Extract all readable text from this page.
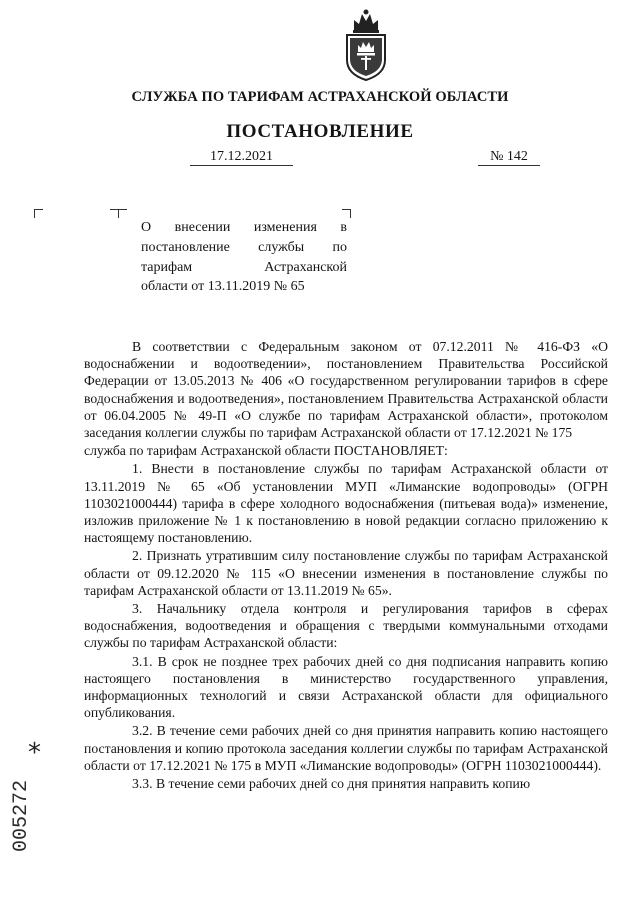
СЛУЖБА ПО ТАРИФАМ АСТРАХАНСКОЙ ОБЛАСТИ
ПОСТАНОВЛЕНИЕ
17.12.2021	№ 142
О внесении изменения в
постановление службы по
тарифам Астраханской
области от 13.11.2019 № 65

В соответствии с Федеральным законом от 07.12.2011 № 416-ФЗ «О водоснабжении и водоотведении», постановлением Правительства Российской Федерации от 13.05.2013 № 406 «О государственном регулировании тарифов в сфере водоснабжения и водоотведения», постановлением Правительства Астраханской области от 06.04.2005 № 49-П «О службе по тарифам Астраханской области», протоколом заседания коллегии службы по тарифам Астраханской области от 17.12.2021 № 175

служба по тарифам Астраханской области ПОСТАНОВЛЯЕТ:

1. Внести в постановление службы по тарифам Астраханской области от 13.11.2019 № 65 «Об установлении МУП «Лиманские водопроводы» (ОГРН 1103021000444) тарифа в сфере холодного водоснабжения (питьевая вода)» изменение, изложив приложение № 1 к постановлению в новой редакции согласно приложению к настоящему постановлению.

2. Признать утратившим силу постановление службы по тарифам Астраханской области от 09.12.2020 № 115 «О внесении изменения в постановление службы по тарифам Астраханской области от 13.11.2019 № 65».

3. Начальнику отдела контроля и регулирования тарифов в сферах водоснабжения, водоотведения и обращения с твердыми коммунальными отходами службы по тарифам Астраханской области:

3.1. В срок не позднее трех рабочих дней со дня подписания направить копию настоящего постановления в министерство государственного управления, информационных технологий и связи Астраханской области для официального опубликования.

3.2. В течение семи рабочих дней со дня принятия направить копию настоящего постановления и копию протокола заседания коллегии службы по тарифам Астраханской области от 17.12.2021 № 175 в МУП «Лиманские водопроводы» (ОГРН 1103021000444).

3.3. В течение семи рабочих дней со дня принятия направить копию

*
005272
